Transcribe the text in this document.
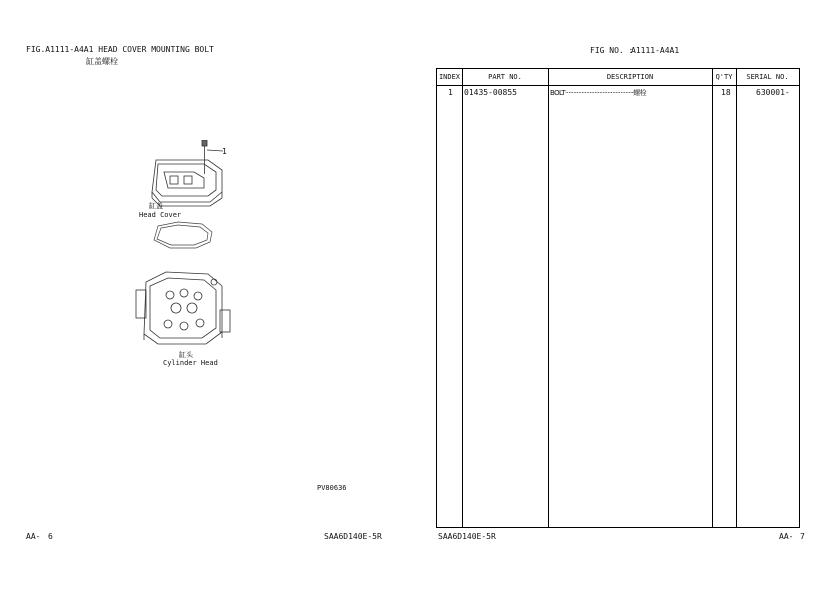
FIG.A1111-A4A1 HEAD COVER MOUNTING BOLT
缸盖螺栓
1
缸盖
Head Cover
缸头
Cylinder Head
PV80636
AA- 6	SAA6D140E-5R
FIG NO. :
A1111-A4A1
INDEX	PART NO.	DESCRIPTION	Q'TY	SERIAL NO.
1 01435-00855	BOLT··········································螺栓	18	630001-
SAA6D140E-5R	AA- 7
